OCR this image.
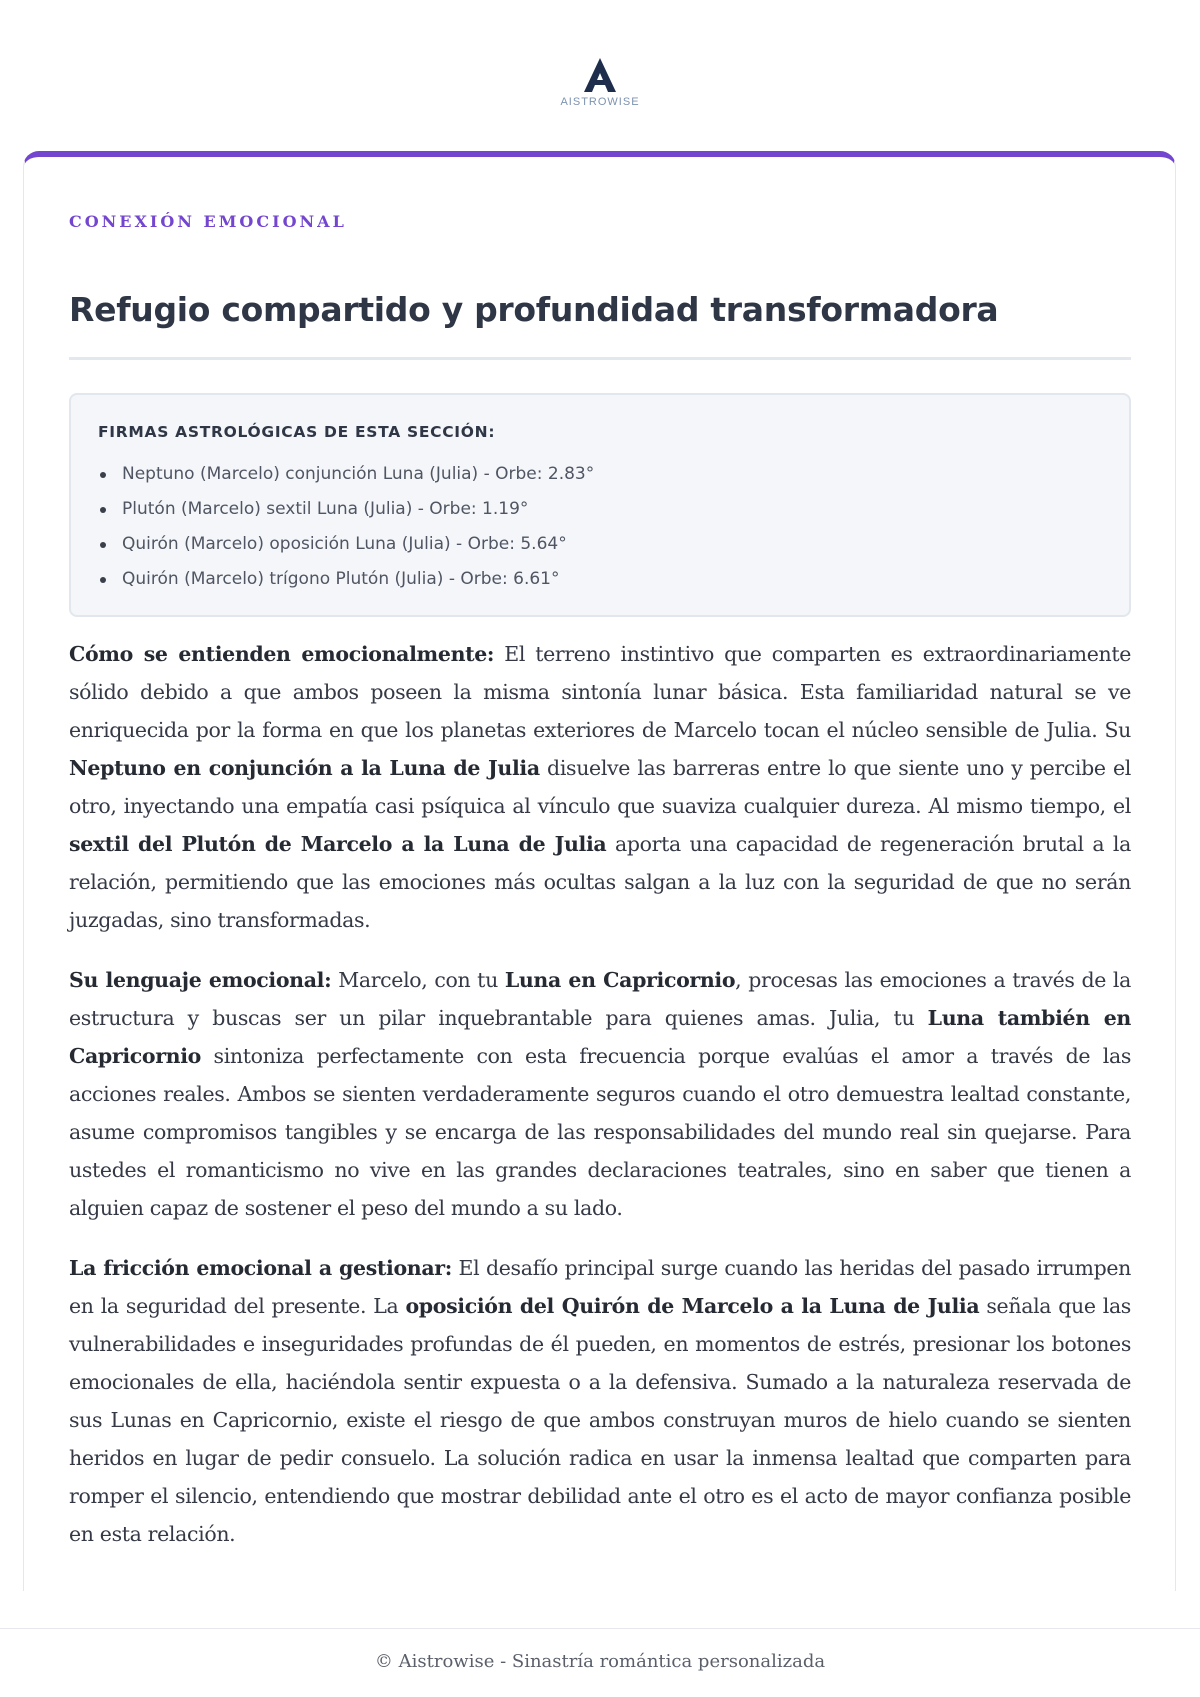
AISTROWISE
CONEXIÓN EMOCIONAL
Refugio compartido y profundidad transformadora
FIRMAS ASTROLÓGICAS DE ESTA SECCIÓN:
Neptuno (Marcelo) conjunción Luna (Julia) - Orbe: 2.83°
Plutón (Marcelo) sextil Luna (Julia) - Orbe: 1.19°
Quirón (Marcelo) oposición Luna (Julia) - Orbe: 5.64°
Quirón (Marcelo) trígono Plutón (Julia) - Orbe: 6.61°

Cómo se entienden emocionalmente: El terreno instintivo que comparten es extraordinariamente sólido debido a que ambos poseen la misma sintonía lunar básica. Esta familiaridad natural se ve enriquecida por la forma en que los planetas exteriores de Marcelo tocan el núcleo sensible de Julia. Su Neptuno en conjunción a la Luna de Julia disuelve las barreras entre lo que siente uno y percibe el otro, inyectando una empatía casi psíquica al vínculo que suaviza cualquier dureza. Al mismo tiempo, el sextil del Plutón de Marcelo a la Luna de Julia aporta una capacidad de regeneración brutal a la relación, permitiendo que las emociones más ocultas salgan a la luz con la seguridad de que no serán juzgadas, sino transformadas.

Su lenguaje emocional: Marcelo, con tu Luna en Capricornio, procesas las emociones a través de la estructura y buscas ser un pilar inquebrantable para quienes amas. Julia, tu Luna también en Capricornio sintoniza perfectamente con esta frecuencia porque evalúas el amor a través de las acciones reales. Ambos se sienten verdaderamente seguros cuando el otro demuestra lealtad constante, asume compromisos tangibles y se encarga de las responsabilidades del mundo real sin quejarse. Para ustedes el romanticismo no vive en las grandes declaraciones teatrales, sino en saber que tienen a alguien capaz de sostener el peso del mundo a su lado.

La fricción emocional a gestionar: El desafío principal surge cuando las heridas del pasado irrumpen en la seguridad del presente. La oposición del Quirón de Marcelo a la Luna de Julia señala que las vulnerabilidades e inseguridades profundas de él pueden, en momentos de estrés, presionar los botones emocionales de ella, haciéndola sentir expuesta o a la defensiva. Sumado a la naturaleza reservada de sus Lunas en Capricornio, existe el riesgo de que ambos construyan muros de hielo cuando se sienten heridos en lugar de pedir consuelo. La solución radica en usar la inmensa lealtad que comparten para romper el silencio, entendiendo que mostrar debilidad ante el otro es el acto de mayor confianza posible en esta relación.

© Aistrowise - Sinastría romántica personalizada
